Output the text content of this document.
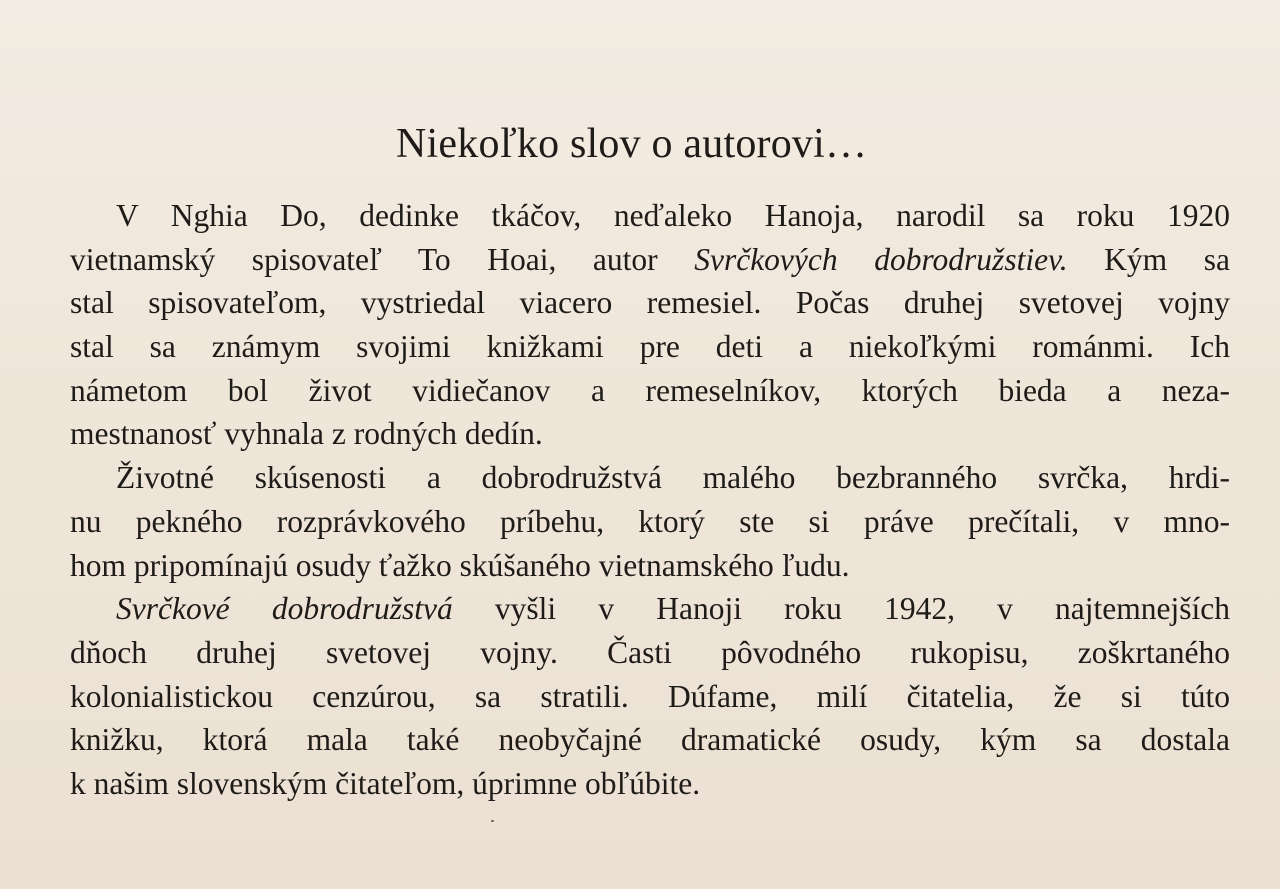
Niekoľko slov o autorovi…
V Nghia Do, dedinke tkáčov, neďaleko Hanoja, narodil sa roku 1920
vietnamský spisovateľ To Hoai, autor Svrčkových dobrodružstiev. Kým sa
stal spisovateľom, vystriedal viacero remesiel. Počas druhej svetovej vojny
stal sa známym svojimi knižkami pre deti a niekoľkými románmi. Ich
námetom bol život vidiečanov a remeselníkov, ktorých bieda a neza-
mestnanosť vyhnala z rodných dedín.
Životné skúsenosti a dobrodružstvá malého bezbranného svrčka, hrdi-
nu pekného rozprávkového príbehu, ktorý ste si práve prečítali, v mno-
hom pripomínajú osudy ťažko skúšaného vietnamského ľudu.
Svrčkové dobrodružstvá vyšli v Hanoji roku 1942, v najtemnejších
dňoch druhej svetovej vojny. Časti pôvodného rukopisu, zoškrtaného
kolonialistickou cenzúrou, sa stratili. Dúfame, milí čitatelia, že si túto
knižku, ktorá mala také neobyčajné dramatické osudy, kým sa dostala
k našim slovenským čitateľom, úprimne obľúbite.
